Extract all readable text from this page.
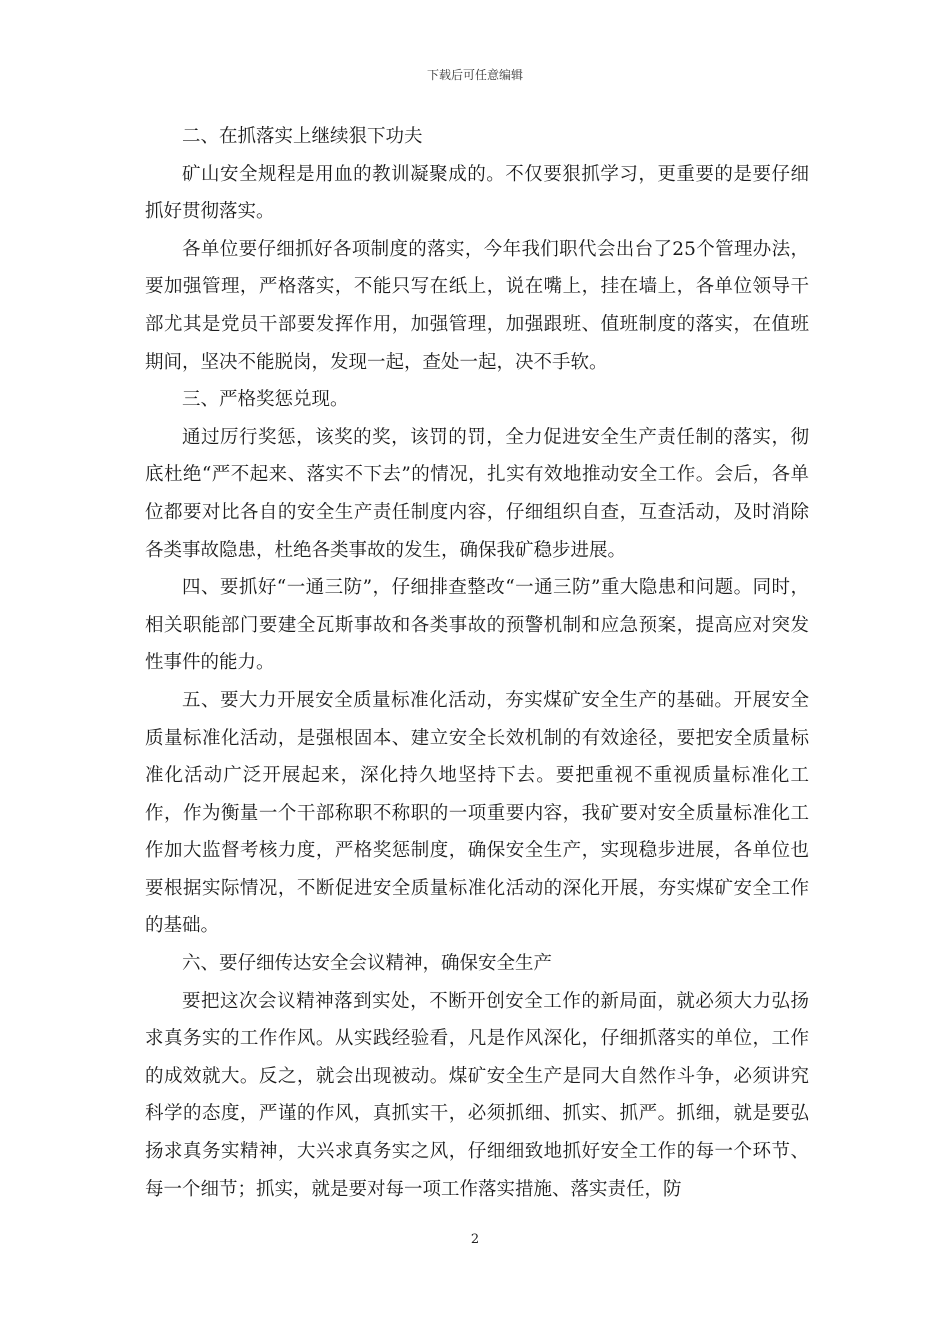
下载后可任意编辑

二、在抓落实上继续狠下功夫

矿山安全规程是用血的教训凝聚成的。不仅要狠抓学习，更重要的是要仔细抓好贯彻落实。

各单位要仔细抓好各项制度的落实，今年我们职代会出台了25个管理办法，要加强管理，严格落实，不能只写在纸上，说在嘴上，挂在墙上，各单位领导干部尤其是党员干部要发挥作用，加强管理，加强跟班、值班制度的落实，在值班期间，坚决不能脱岗，发现一起，查处一起，决不手软。

三、严格奖惩兑现。

通过厉行奖惩，该奖的奖，该罚的罚，全力促进安全生产责任制的落实，彻底杜绝“严不起来、落实不下去”的情况，扎实有效地推动安全工作。会后，各单位都要对比各自的安全生产责任制度内容，仔细组织自查，互查活动，及时消除各类事故隐患，杜绝各类事故的发生，确保我矿稳步进展。

四、要抓好“一通三防”，仔细排查整改“一通三防”重大隐患和问题。同时，相关职能部门要建全瓦斯事故和各类事故的预警机制和应急预案，提高应对突发性事件的能力。

五、要大力开展安全质量标准化活动，夯实煤矿安全生产的基础。开展安全质量标准化活动，是强根固本、建立安全长效机制的有效途径，要把安全质量标准化活动广泛开展起来，深化持久地坚持下去。要把重视不重视质量标准化工作，作为衡量一个干部称职不称职的一项重要内容，我矿要对安全质量标准化工作加大监督考核力度，严格奖惩制度，确保安全生产，实现稳步进展，各单位也要根据实际情况，不断促进安全质量标准化活动的深化开展，夯实煤矿安全工作的基础。

六、要仔细传达安全会议精神，确保安全生产

要把这次会议精神落到实处，不断开创安全工作的新局面，就必须大力弘扬求真务实的工作作风。从实践经验看，凡是作风深化，仔细抓落实的单位，工作的成效就大。反之，就会出现被动。煤矿安全生产是同大自然作斗争，必须讲究科学的态度，严谨的作风，真抓实干，必须抓细、抓实、抓严。抓细，就是要弘扬求真务实精神，大兴求真务实之风，仔细细致地抓好安全工作的每一个环节、每一个细节；抓实，就是要对每一项工作落实措施、落实责任，防

2
